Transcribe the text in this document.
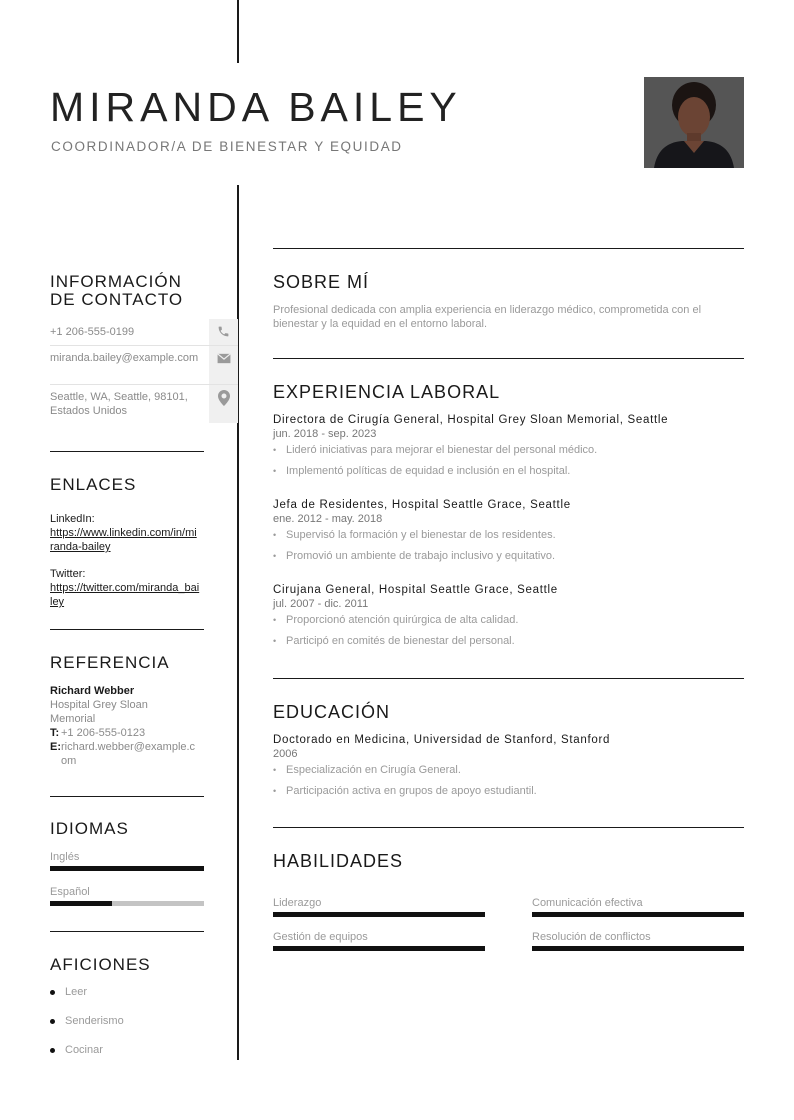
MIRANDA BAILEY
COORDINADOR/A DE BIENESTAR Y EQUIDAD
INFORMACIÓN DE CONTACTO
+1 206-555-0199
miranda.bailey@example.com
Seattle, WA, Seattle, 98101, Estados Unidos
ENLACES
LinkedIn:
https://www.linkedin.com/in/miranda-bailey
Twitter:
https://twitter.com/miranda_bailey
REFERENCIA
Richard Webber
Hospital Grey Sloan Memorial
T: +1 206-555-0123
E: richard.webber@example.com
IDIOMAS
Inglés
Español
AFICIONES
Leer
Senderismo
Cocinar
SOBRE MÍ
Profesional dedicada con amplia experiencia en liderazgo médico, comprometida con el bienestar y la equidad en el entorno laboral.
EXPERIENCIA LABORAL
Directora de Cirugía General, Hospital Grey Sloan Memorial, Seattle
jun. 2018 - sep. 2023
• Lideró iniciativas para mejorar el bienestar del personal médico.
• Implementó políticas de equidad e inclusión en el hospital.
Jefa de Residentes, Hospital Seattle Grace, Seattle
ene. 2012 - may. 2018
• Supervisó la formación y el bienestar de los residentes.
• Promovió un ambiente de trabajo inclusivo y equitativo.
Cirujana General, Hospital Seattle Grace, Seattle
jul. 2007 - dic. 2011
• Proporcionó atención quirúrgica de alta calidad.
• Participó en comités de bienestar del personal.
EDUCACIÓN
Doctorado en Medicina, Universidad de Stanford, Stanford
2006
• Especialización en Cirugía General.
• Participación activa en grupos de apoyo estudiantil.
HABILIDADES
Liderazgo	Comunicación efectiva
Gestión de equipos	Resolución de conflictos
